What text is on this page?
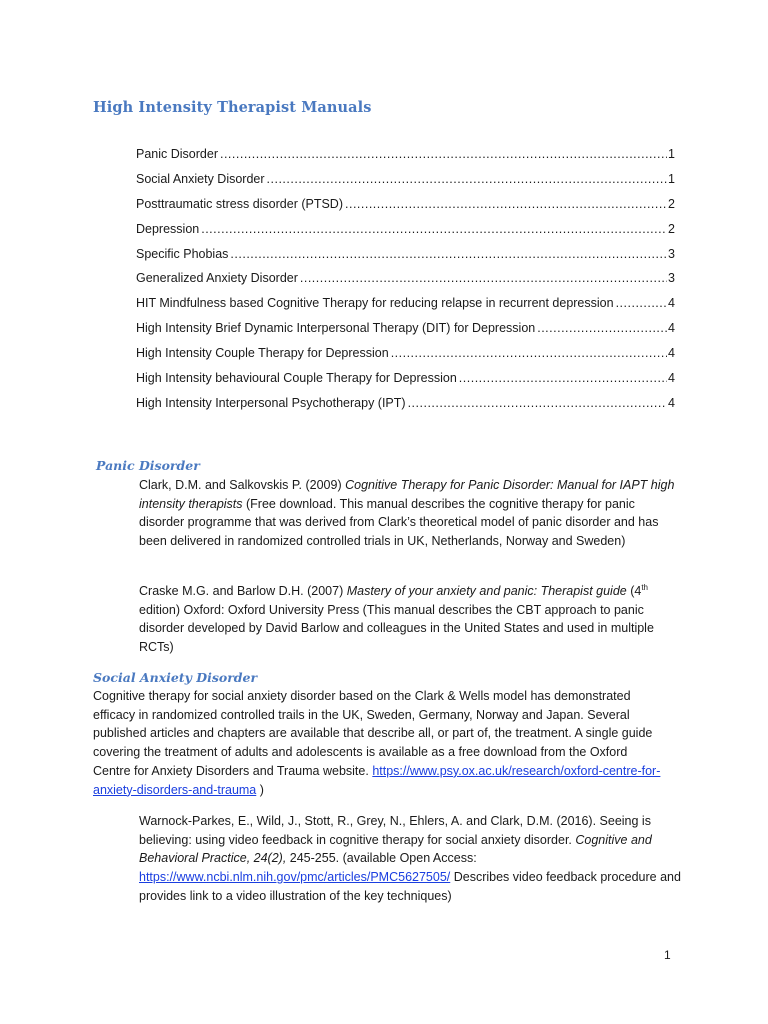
High Intensity Therapist Manuals
Panic Disorder .....	1
Social Anxiety Disorder .....	1
Posttraumatic stress disorder (PTSD) .....	2
Depression .....	2
Specific Phobias .....	3
Generalized Anxiety Disorder .....	3
HIT Mindfulness based Cognitive Therapy for reducing relapse in recurrent depression .....	4
High Intensity Brief Dynamic Interpersonal Therapy (DIT) for Depression .....	4
High Intensity Couple Therapy for Depression .....	4
High Intensity behavioural Couple Therapy for Depression .....	4
High Intensity Interpersonal Psychotherapy (IPT) .....	4
Panic Disorder
Clark, D.M. and Salkovskis P. (2009) Cognitive Therapy for Panic Disorder: Manual for IAPT high intensity therapists (Free download. This manual describes the cognitive therapy for panic disorder programme that was derived from Clark’s theoretical model of panic disorder and has been delivered in randomized controlled trials in UK, Netherlands, Norway and Sweden)
Craske M.G. and Barlow D.H. (2007) Mastery of your anxiety and panic: Therapist guide (4th edition) Oxford: Oxford University Press (This manual describes the CBT approach to panic disorder developed by David Barlow and colleagues in the United States and used in multiple RCTs)
Social Anxiety Disorder
Cognitive therapy for social anxiety disorder based on the Clark & Wells model has demonstrated efficacy in randomized controlled trails in the UK, Sweden, Germany, Norway and Japan. Several published articles and chapters are available that describe all, or part of, the treatment. A single guide covering the treatment of adults and adolescents is available as a free download from the Oxford Centre for Anxiety Disorders and Trauma website. https://www.psy.ox.ac.uk/research/oxford-centre-for-anxiety-disorders-and-trauma )
Warnock-Parkes, E., Wild, J., Stott, R., Grey, N., Ehlers, A. and Clark, D.M. (2016). Seeing is believing: using video feedback in cognitive therapy for social anxiety disorder. Cognitive and Behavioral Practice, 24(2), 245-255. (available Open Access: https://www.ncbi.nlm.nih.gov/pmc/articles/PMC5627505/ Describes video feedback procedure and provides link to a video illustration of the key techniques)
1
